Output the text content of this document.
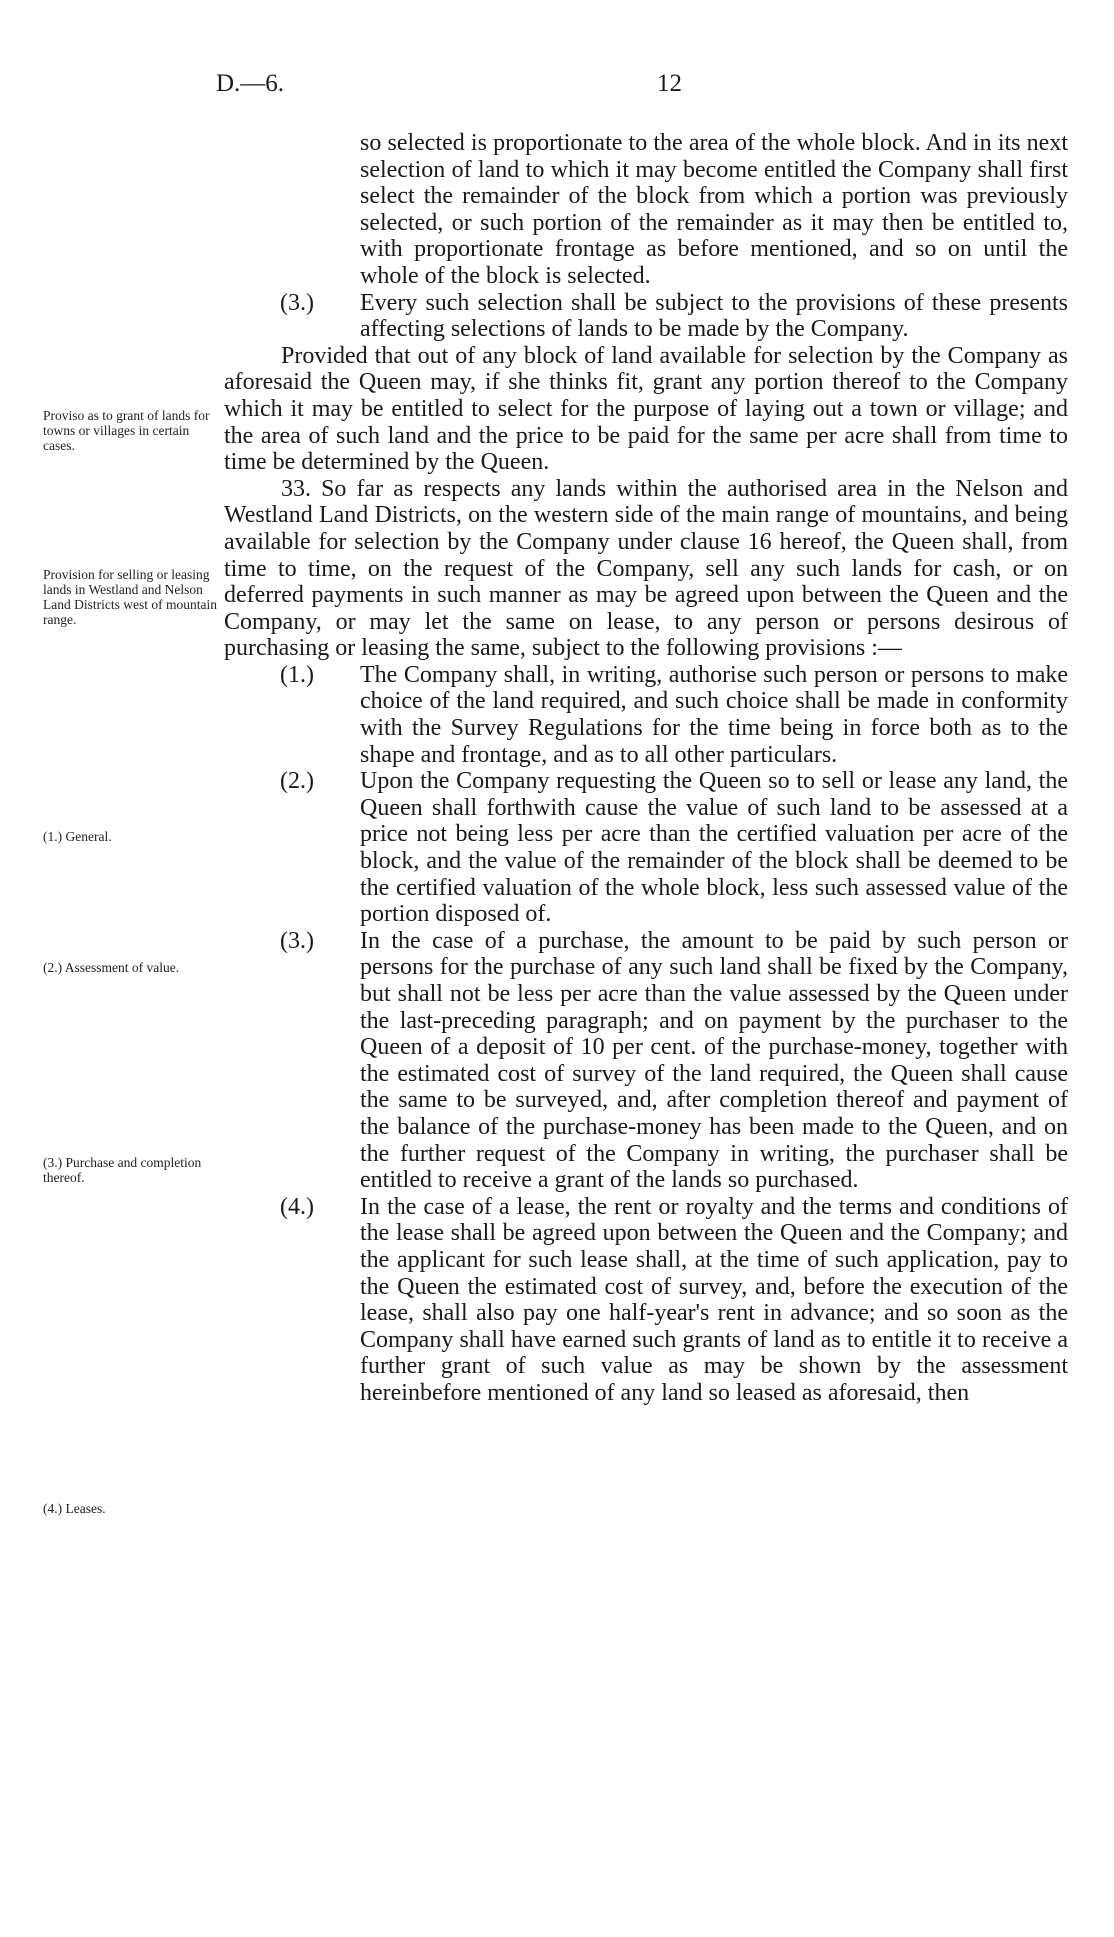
D.—6.	12
Proviso as to grant of lands for towns or villages in certain cases.
Provision for selling or leasing lands in Westland and Nelson Land Districts west of mountain range.
(1.) General.
(2.) Assessment of value.
(3.) Purchase and completion thereof.
(4.) Leases.

so selected is proportionate to the area of the whole block. And in its next selection of land to which it may become entitled the Company shall first select the remainder of the block from which a portion was previously selected, or such portion of the remainder as it may then be entitled to, with proportionate frontage as before mentioned, and so on until the whole of the block is selected.

(3.) Every such selection shall be subject to the provisions of these presents affecting selections of lands to be made by the Company.

Provided that out of any block of land available for selection by the Company as aforesaid the Queen may, if she thinks fit, grant any portion thereof to the Company which it may be entitled to select for the purpose of laying out a town or village; and the area of such land and the price to be paid for the same per acre shall from time to time be determined by the Queen.

33. So far as respects any lands within the authorised area in the Nelson and Westland Land Districts, on the western side of the main range of mountains, and being available for selection by the Company under clause 16 hereof, the Queen shall, from time to time, on the request of the Company, sell any such lands for cash, or on deferred payments in such manner as may be agreed upon between the Queen and the Company, or may let the same on lease, to any person or persons desirous of purchasing or leasing the same, subject to the following provisions :—

(1.) The Company shall, in writing, authorise such person or persons to make choice of the land required, and such choice shall be made in conformity with the Survey Regulations for the time being in force both as to the shape and frontage, and as to all other particulars.

(2.) Upon the Company requesting the Queen so to sell or lease any land, the Queen shall forthwith cause the value of such land to be assessed at a price not being less per acre than the certified valuation per acre of the block, and the value of the remainder of the block shall be deemed to be the certified valuation of the whole block, less such assessed value of the portion disposed of.

(3.) In the case of a purchase, the amount to be paid by such person or persons for the purchase of any such land shall be fixed by the Company, but shall not be less per acre than the value assessed by the Queen under the last-preceding paragraph; and on payment by the purchaser to the Queen of a deposit of 10 per cent. of the purchase-money, together with the estimated cost of survey of the land required, the Queen shall cause the same to be surveyed, and, after completion thereof and payment of the balance of the purchase-money has been made to the Queen, and on the further request of the Company in writing, the purchaser shall be entitled to receive a grant of the lands so purchased.

(4.) In the case of a lease, the rent or royalty and the terms and conditions of the lease shall be agreed upon between the Queen and the Company; and the applicant for such lease shall, at the time of such application, pay to the Queen the estimated cost of survey, and, before the execution of the lease, shall also pay one half-year's rent in advance; and so soon as the Company shall have earned such grants of land as to entitle it to receive a further grant of such value as may be shown by the assessment hereinbefore mentioned of any land so leased as aforesaid, then
